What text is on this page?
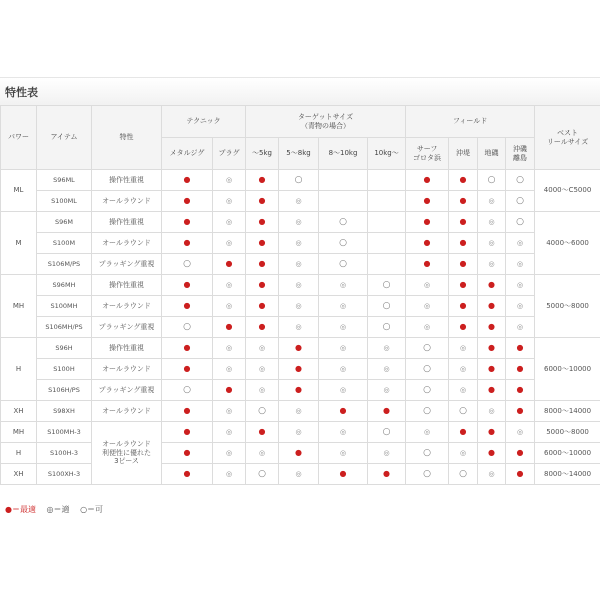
特性表
パワー	アイテム	特性	テクニック		ターゲットサイズ
（青物の場合）				フィールド				ベスト
リールサイズ
			メタルジグ	プラグ	〜5kg	5〜8kg	8〜10kg	10kg〜	サーフ
ゴロタ浜	沖堤	地磯	沖磯
離島	
ML	S96ML	操作性重視	●	◎	●	○			●	●	○	○	4000〜C5000
	S100ML	オールラウンド	●	◎	●	◎			●	●	◎	○	
M	S96M	操作性重視	●	◎	●	◎	○		●	●	◎	○	4000〜6000
	S100M	オールラウンド	●	◎	●	◎	○		●	●	◎	◎	
	S106M/PS	プラッギング重視	○	●	●	◎	○		●	●	◎	◎	
MH	S96MH	操作性重視	●	◎	●	◎	◎	○	◎	●	●	◎	5000〜8000
	S100MH	オールラウンド	●	◎	●	◎	◎	○	◎	●	●	◎	
	S106MH/PS	プラッギング重視	○	●	●	◎	◎	○	◎	●	●	◎	
H	S96H	操作性重視	●	◎	◎	●	◎	◎	○	◎	●	●	6000〜10000
	S100H	オールラウンド	●	◎	◎	●	◎	◎	○	◎	●	●	
	S106H/PS	プラッギング重視	○	●	◎	●	◎	◎	○	◎	●	●	
XH	S98XH	オールラウンド	●	◎	○	◎	●	●	○	○	◎	●	8000〜14000
MH	S100MH-3	オールラウンド
利便性に優れた
3ピース	●	◎	●	◎	◎	○	◎	●	●	◎	5000〜8000
H	S100H-3		●	◎	◎	●	◎	◎	○	◎	●	●	6000〜10000
XH	S100XH-3		●	◎	○	◎	●	●	○	○	◎	●	8000〜14000
●＝最適 ◎＝適 ○＝可
